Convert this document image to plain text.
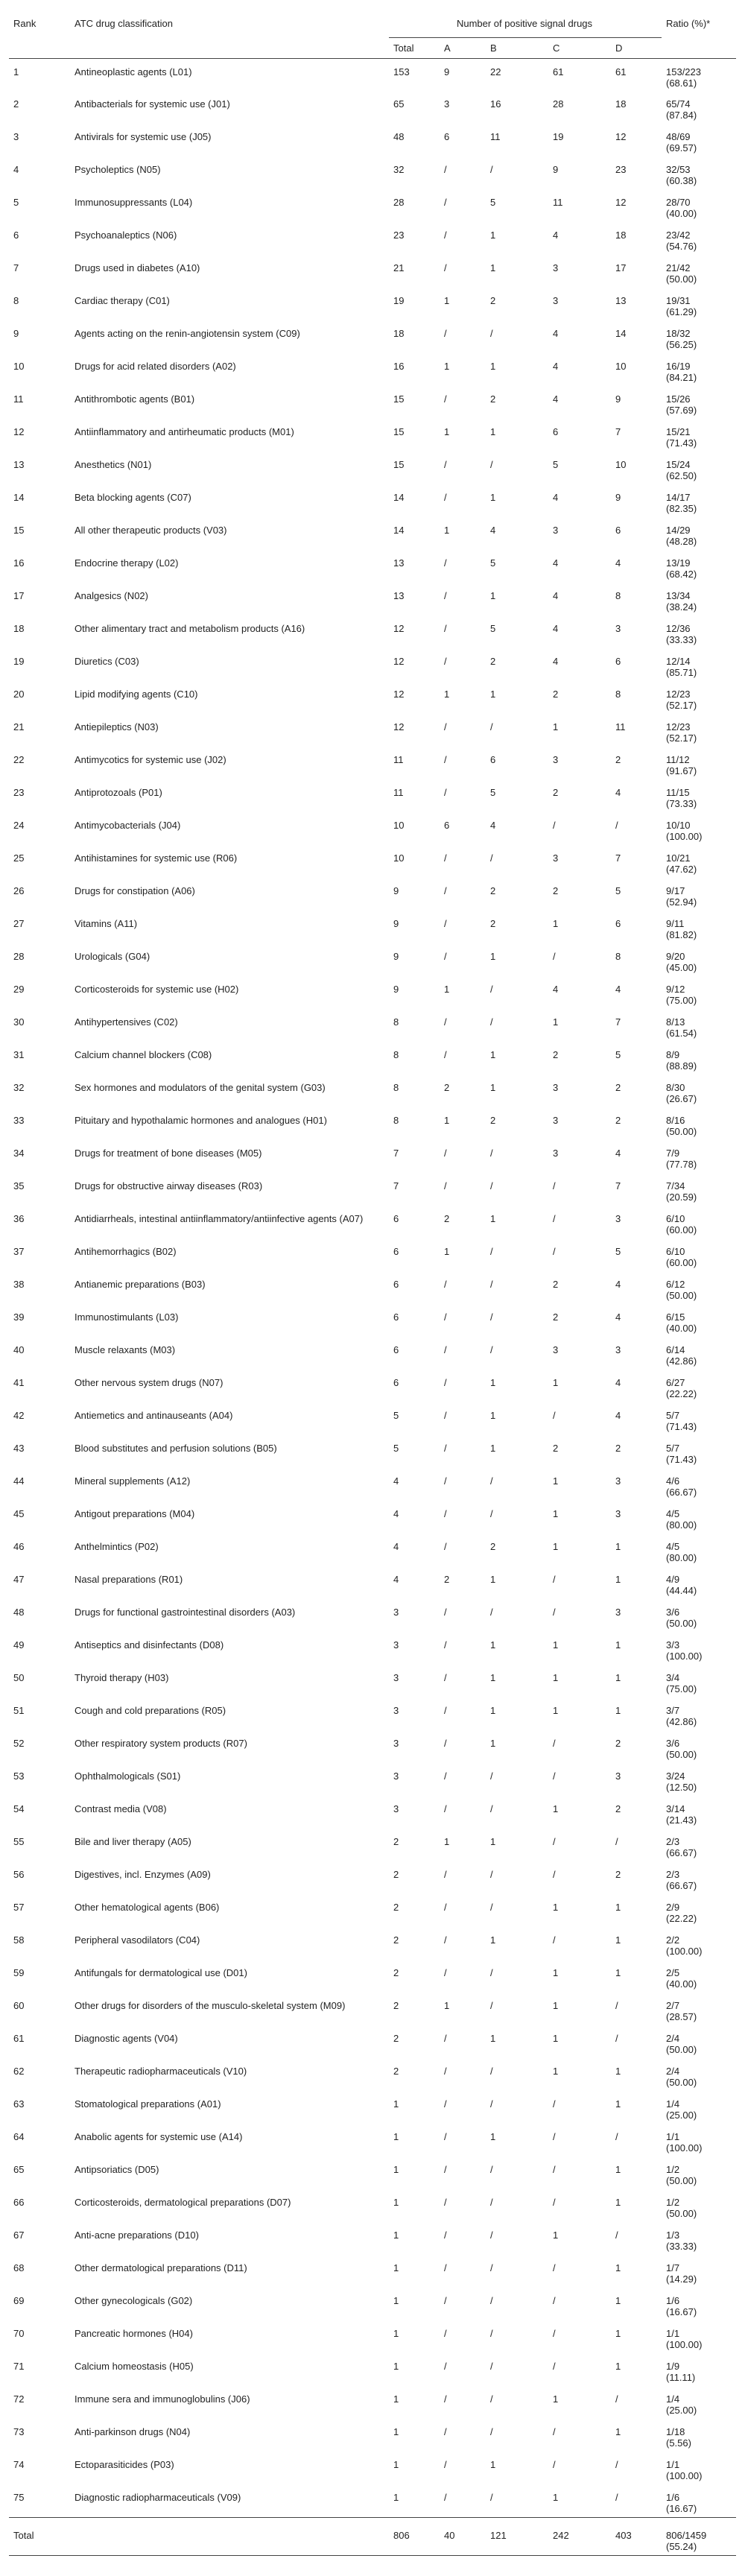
Rank	ATC drug classification	Number of positive signal drugs					Ratio (%)*
		Total	A	B	C	D	
1	Antineoplastic agents (L01)	153	9	22	61	61	153/223
(68.61)

2	Antibacterials for systemic use (J01)	65	3	16	28	18	65/74
(87.84)

3	Antivirals for systemic use (J05)	48	6	11	19	12	48/69
(69.57)

4	Psycholeptics (N05)	32	/	/	9	23	32/53
(60.38)

5	Immunosuppressants (L04)	28	/	5	11	12	28/70
(40.00)

6	Psychoanaleptics (N06)	23	/	1	4	18	23/42
(54.76)

7	Drugs used in diabetes (A10)	21	/	1	3	17	21/42
(50.00)

8	Cardiac therapy (C01)	19	1	2	3	13	19/31
(61.29)

9	Agents acting on the renin-angiotensin system (C09)	18	/	/	4	14	18/32
(56.25)

10	Drugs for acid related disorders (A02)	16	1	1	4	10	16/19
(84.21)

11	Antithrombotic agents (B01)	15	/	2	4	9	15/26
(57.69)

12	Antiinflammatory and antirheumatic products (M01)	15	1	1	6	7	15/21
(71.43)

13	Anesthetics (N01)	15	/	/	5	10	15/24
(62.50)

14	Beta blocking agents (C07)	14	/	1	4	9	14/17
(82.35)

15	All other therapeutic products (V03)	14	1	4	3	6	14/29
(48.28)

16	Endocrine therapy (L02)	13	/	5	4	4	13/19
(68.42)

17	Analgesics (N02)	13	/	1	4	8	13/34
(38.24)

18	Other alimentary tract and metabolism products (A16)	12	/	5	4	3	12/36
(33.33)

19	Diuretics (C03)	12	/	2	4	6	12/14
(85.71)

20	Lipid modifying agents (C10)	12	1	1	2	8	12/23
(52.17)

21	Antiepileptics (N03)	12	/	/	1	11	12/23
(52.17)

22	Antimycotics for systemic use (J02)	11	/	6	3	2	11/12
(91.67)

23	Antiprotozoals (P01)	11	/	5	2	4	11/15
(73.33)

24	Antimycobacterials (J04)	10	6	4	/	/	10/10
(100.00)

25	Antihistamines for systemic use (R06)	10	/	/	3	7	10/21
(47.62)

26	Drugs for constipation (A06)	9	/	2	2	5	9/17
(52.94)

27	Vitamins (A11)	9	/	2	1	6	9/11
(81.82)

28	Urologicals (G04)	9	/	1	/	8	9/20
(45.00)

29	Corticosteroids for systemic use (H02)	9	1	/	4	4	9/12
(75.00)

30	Antihypertensives (C02)	8	/	/	1	7	8/13
(61.54)

31	Calcium channel blockers (C08)	8	/	1	2	5	8/9
(88.89)

32	Sex hormones and modulators of the genital system (G03)	8	2	1	3	2	8/30
(26.67)

33	Pituitary and hypothalamic hormones and analogues (H01)	8	1	2	3	2	8/16
(50.00)

34	Drugs for treatment of bone diseases (M05)	7	/	/	3	4	7/9
(77.78)

35	Drugs for obstructive airway diseases (R03)	7	/	/	/	7	7/34
(20.59)

36	Antidiarrheals, intestinal antiinflammatory/antiinfective agents (A07)	6	2	1	/	3	6/10
(60.00)

37	Antihemorrhagics (B02)	6	1	/	/	5	6/10
(60.00)

38	Antianemic preparations (B03)	6	/	/	2	4	6/12
(50.00)

39	Immunostimulants (L03)	6	/	/	2	4	6/15
(40.00)

40	Muscle relaxants (M03)	6	/	/	3	3	6/14
(42.86)

41	Other nervous system drugs (N07)	6	/	1	1	4	6/27
(22.22)

42	Antiemetics and antinauseants (A04)	5	/	1	/	4	5/7
(71.43)

43	Blood substitutes and perfusion solutions (B05)	5	/	1	2	2	5/7
(71.43)

44	Mineral supplements (A12)	4	/	/	1	3	4/6
(66.67)

45	Antigout preparations (M04)	4	/	/	1	3	4/5
(80.00)

46	Anthelmintics (P02)	4	/	2	1	1	4/5
(80.00)

47	Nasal preparations (R01)	4	2	1	/	1	4/9
(44.44)

48	Drugs for functional gastrointestinal disorders (A03)	3	/	/	/	3	3/6
(50.00)

49	Antiseptics and disinfectants (D08)	3	/	1	1	1	3/3
(100.00)

50	Thyroid therapy (H03)	3	/	1	1	1	3/4
(75.00)

51	Cough and cold preparations (R05)	3	/	1	1	1	3/7
(42.86)

52	Other respiratory system products (R07)	3	/	1	/	2	3/6
(50.00)

53	Ophthalmologicals (S01)	3	/	/	/	3	3/24
(12.50)

54	Contrast media (V08)	3	/	/	1	2	3/14
(21.43)

55	Bile and liver therapy (A05)	2	1	1	/	/	2/3
(66.67)

56	Digestives, incl. Enzymes (A09)	2	/	/	/	2	2/3
(66.67)

57	Other hematological agents (B06)	2	/	/	1	1	2/9
(22.22)

58	Peripheral vasodilators (C04)	2	/	1	/	1	2/2
(100.00)

59	Antifungals for dermatological use (D01)	2	/	/	1	1	2/5
(40.00)

60	Other drugs for disorders of the musculo-skeletal system (M09)	2	1	/	1	/	2/7
(28.57)

61	Diagnostic agents (V04)	2	/	1	1	/	2/4
(50.00)

62	Therapeutic radiopharmaceuticals (V10)	2	/	/	1	1	2/4
(50.00)

63	Stomatological preparations (A01)	1	/	/	/	1	1/4
(25.00)

64	Anabolic agents for systemic use (A14)	1	/	1	/	/	1/1
(100.00)

65	Antipsoriatics (D05)	1	/	/	/	1	1/2
(50.00)

66	Corticosteroids, dermatological preparations (D07)	1	/	/	/	1	1/2
(50.00)

67	Anti-acne preparations (D10)	1	/	/	1	/	1/3
(33.33)

68	Other dermatological preparations (D11)	1	/	/	/	1	1/7
(14.29)

69	Other gynecologicals (G02)	1	/	/	/	1	1/6
(16.67)

70	Pancreatic hormones (H04)	1	/	/	/	1	1/1
(100.00)

71	Calcium homeostasis (H05)	1	/	/	/	1	1/9
(11.11)

72	Immune sera and immunoglobulins (J06)	1	/	/	1	/	1/4
(25.00)

73	Anti-parkinson drugs (N04)	1	/	/	/	1	1/18
(5.56)

74	Ectoparasiticides (P03)	1	/	1	/	/	1/1
(100.00)

75	Diagnostic radiopharmaceuticals (V09)	1	/	/	1	/	1/6
(16.67)

Total		806	40	121	242	403	806/1459
(55.24)
